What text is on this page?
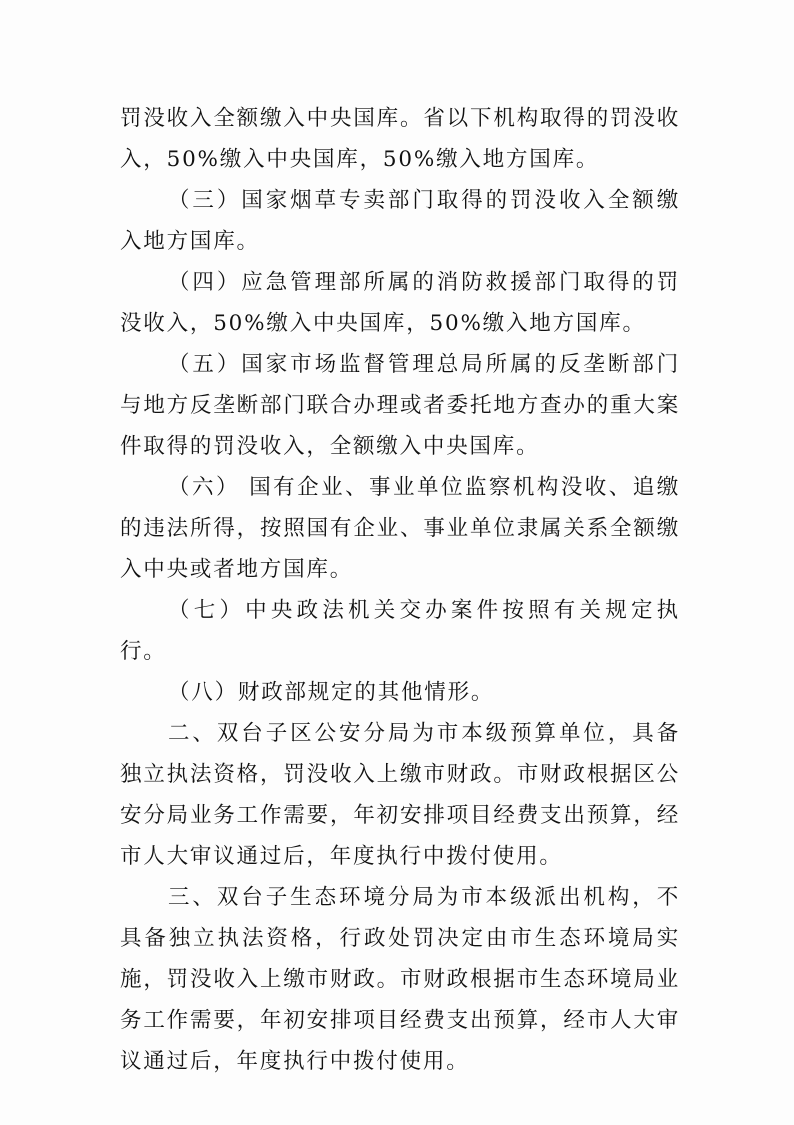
罚没收入全额缴入中央国库。省以下机构取得的罚没收入，50%缴入中央国库，50%缴入地方国库。

（三）国家烟草专卖部门取得的罚没收入全额缴入地方国库。

（四）应急管理部所属的消防救援部门取得的罚没收入，50%缴入中央国库，50%缴入地方国库。

（五）国家市场监督管理总局所属的反垄断部门与地方反垄断部门联合办理或者委托地方查办的重大案件取得的罚没收入，全额缴入中央国库。

（六） 国有企业、事业单位监察机构没收、追缴的违法所得，按照国有企业、事业单位隶属关系全额缴入中央或者地方国库。

（七）中央政法机关交办案件按照有关规定执行。

（八）财政部规定的其他情形。

二、双台子区公安分局为市本级预算单位，具备独立执法资格，罚没收入上缴市财政。市财政根据区公安分局业务工作需要，年初安排项目经费支出预算，经市人大审议通过后，年度执行中拨付使用。

三、双台子生态环境分局为市本级派出机构，不具备独立执法资格，行政处罚决定由市生态环境局实施，罚没收入上缴市财政。市财政根据市生态环境局业务工作需要，年初安排项目经费支出预算，经市人大审议通过后，年度执行中拨付使用。
